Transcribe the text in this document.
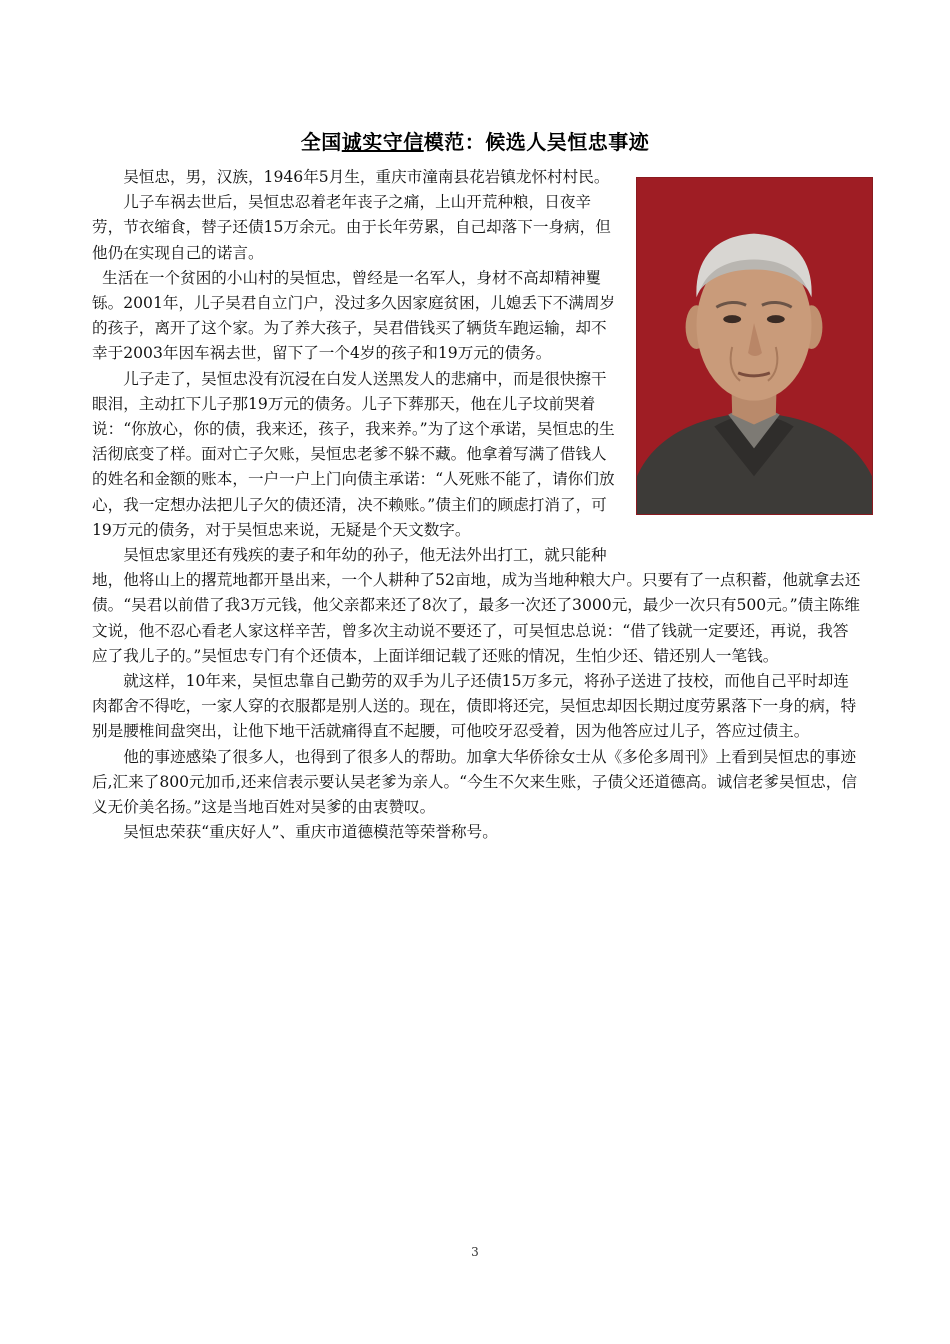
全国诚实守信模范：候选人吴恒忠事迹

吴恒忠，男，汉族，1946年5月生，重庆市潼南县花岩镇龙怀村村民。

儿子车祸去世后，吴恒忠忍着老年丧子之痛，上山开荒种粮，日夜辛劳，节衣缩食，替子还债15万余元。由于长年劳累，自己却落下一身病，但他仍在实现自己的诺言。

生活在一个贫困的小山村的吴恒忠，曾经是一名军人，身材不高却精神矍铄。2001年，儿子吴君自立门户，没过多久因家庭贫困，儿媳丢下不满周岁的孩子，离开了这个家。为了养大孩子，吴君借钱买了辆货车跑运输，却不幸于2003年因车祸去世，留下了一个4岁的孩子和19万元的债务。

儿子走了，吴恒忠没有沉浸在白发人送黑发人的悲痛中，而是很快擦干眼泪，主动扛下儿子那19万元的债务。儿子下葬那天，他在儿子坟前哭着说：“你放心，你的债，我来还，孩子，我来养。”为了这个承诺，吴恒忠的生活彻底变了样。面对亡子欠账，吴恒忠老爹不躲不藏。他拿着写满了借钱人的姓名和金额的账本，一户一户上门向债主承诺：“人死账不能了，请你们放心，我一定想办法把儿子欠的债还清，决不赖账。”债主们的顾虑打消了，可19万元的债务，对于吴恒忠来说，无疑是个天文数字。

吴恒忠家里还有残疾的妻子和年幼的孙子，他无法外出打工，就只能种地，他将山上的撂荒地都开垦出来，一个人耕种了52亩地，成为当地种粮大户。只要有了一点积蓄，他就拿去还债。“吴君以前借了我3万元钱，他父亲都来还了8次了，最多一次还了3000元，最少一次只有500元。”债主陈维文说，他不忍心看老人家这样辛苦，曾多次主动说不要还了，可吴恒忠总说：“借了钱就一定要还，再说，我答应了我儿子的。”吴恒忠专门有个还债本，上面详细记载了还账的情况，生怕少还、错还别人一笔钱。

就这样，10年来，吴恒忠靠自己勤劳的双手为儿子还债15万多元，将孙子送进了技校，而他自己平时却连肉都舍不得吃，一家人穿的衣服都是别人送的。现在，债即将还完，吴恒忠却因长期过度劳累落下一身的病，特别是腰椎间盘突出，让他下地干活就痛得直不起腰，可他咬牙忍受着，因为他答应过儿子，答应过债主。

他的事迹感染了很多人，也得到了很多人的帮助。加拿大华侨徐女士从《多伦多周刊》上看到吴恒忠的事迹后,汇来了800元加币,还来信表示要认吴老爹为亲人。“今生不欠来生账，子债父还道德高。诚信老爹吴恒忠，信义无价美名扬。”这是当地百姓对吴爹的由衷赞叹。

吴恒忠荣获“重庆好人”、重庆市道德模范等荣誉称号。

3
